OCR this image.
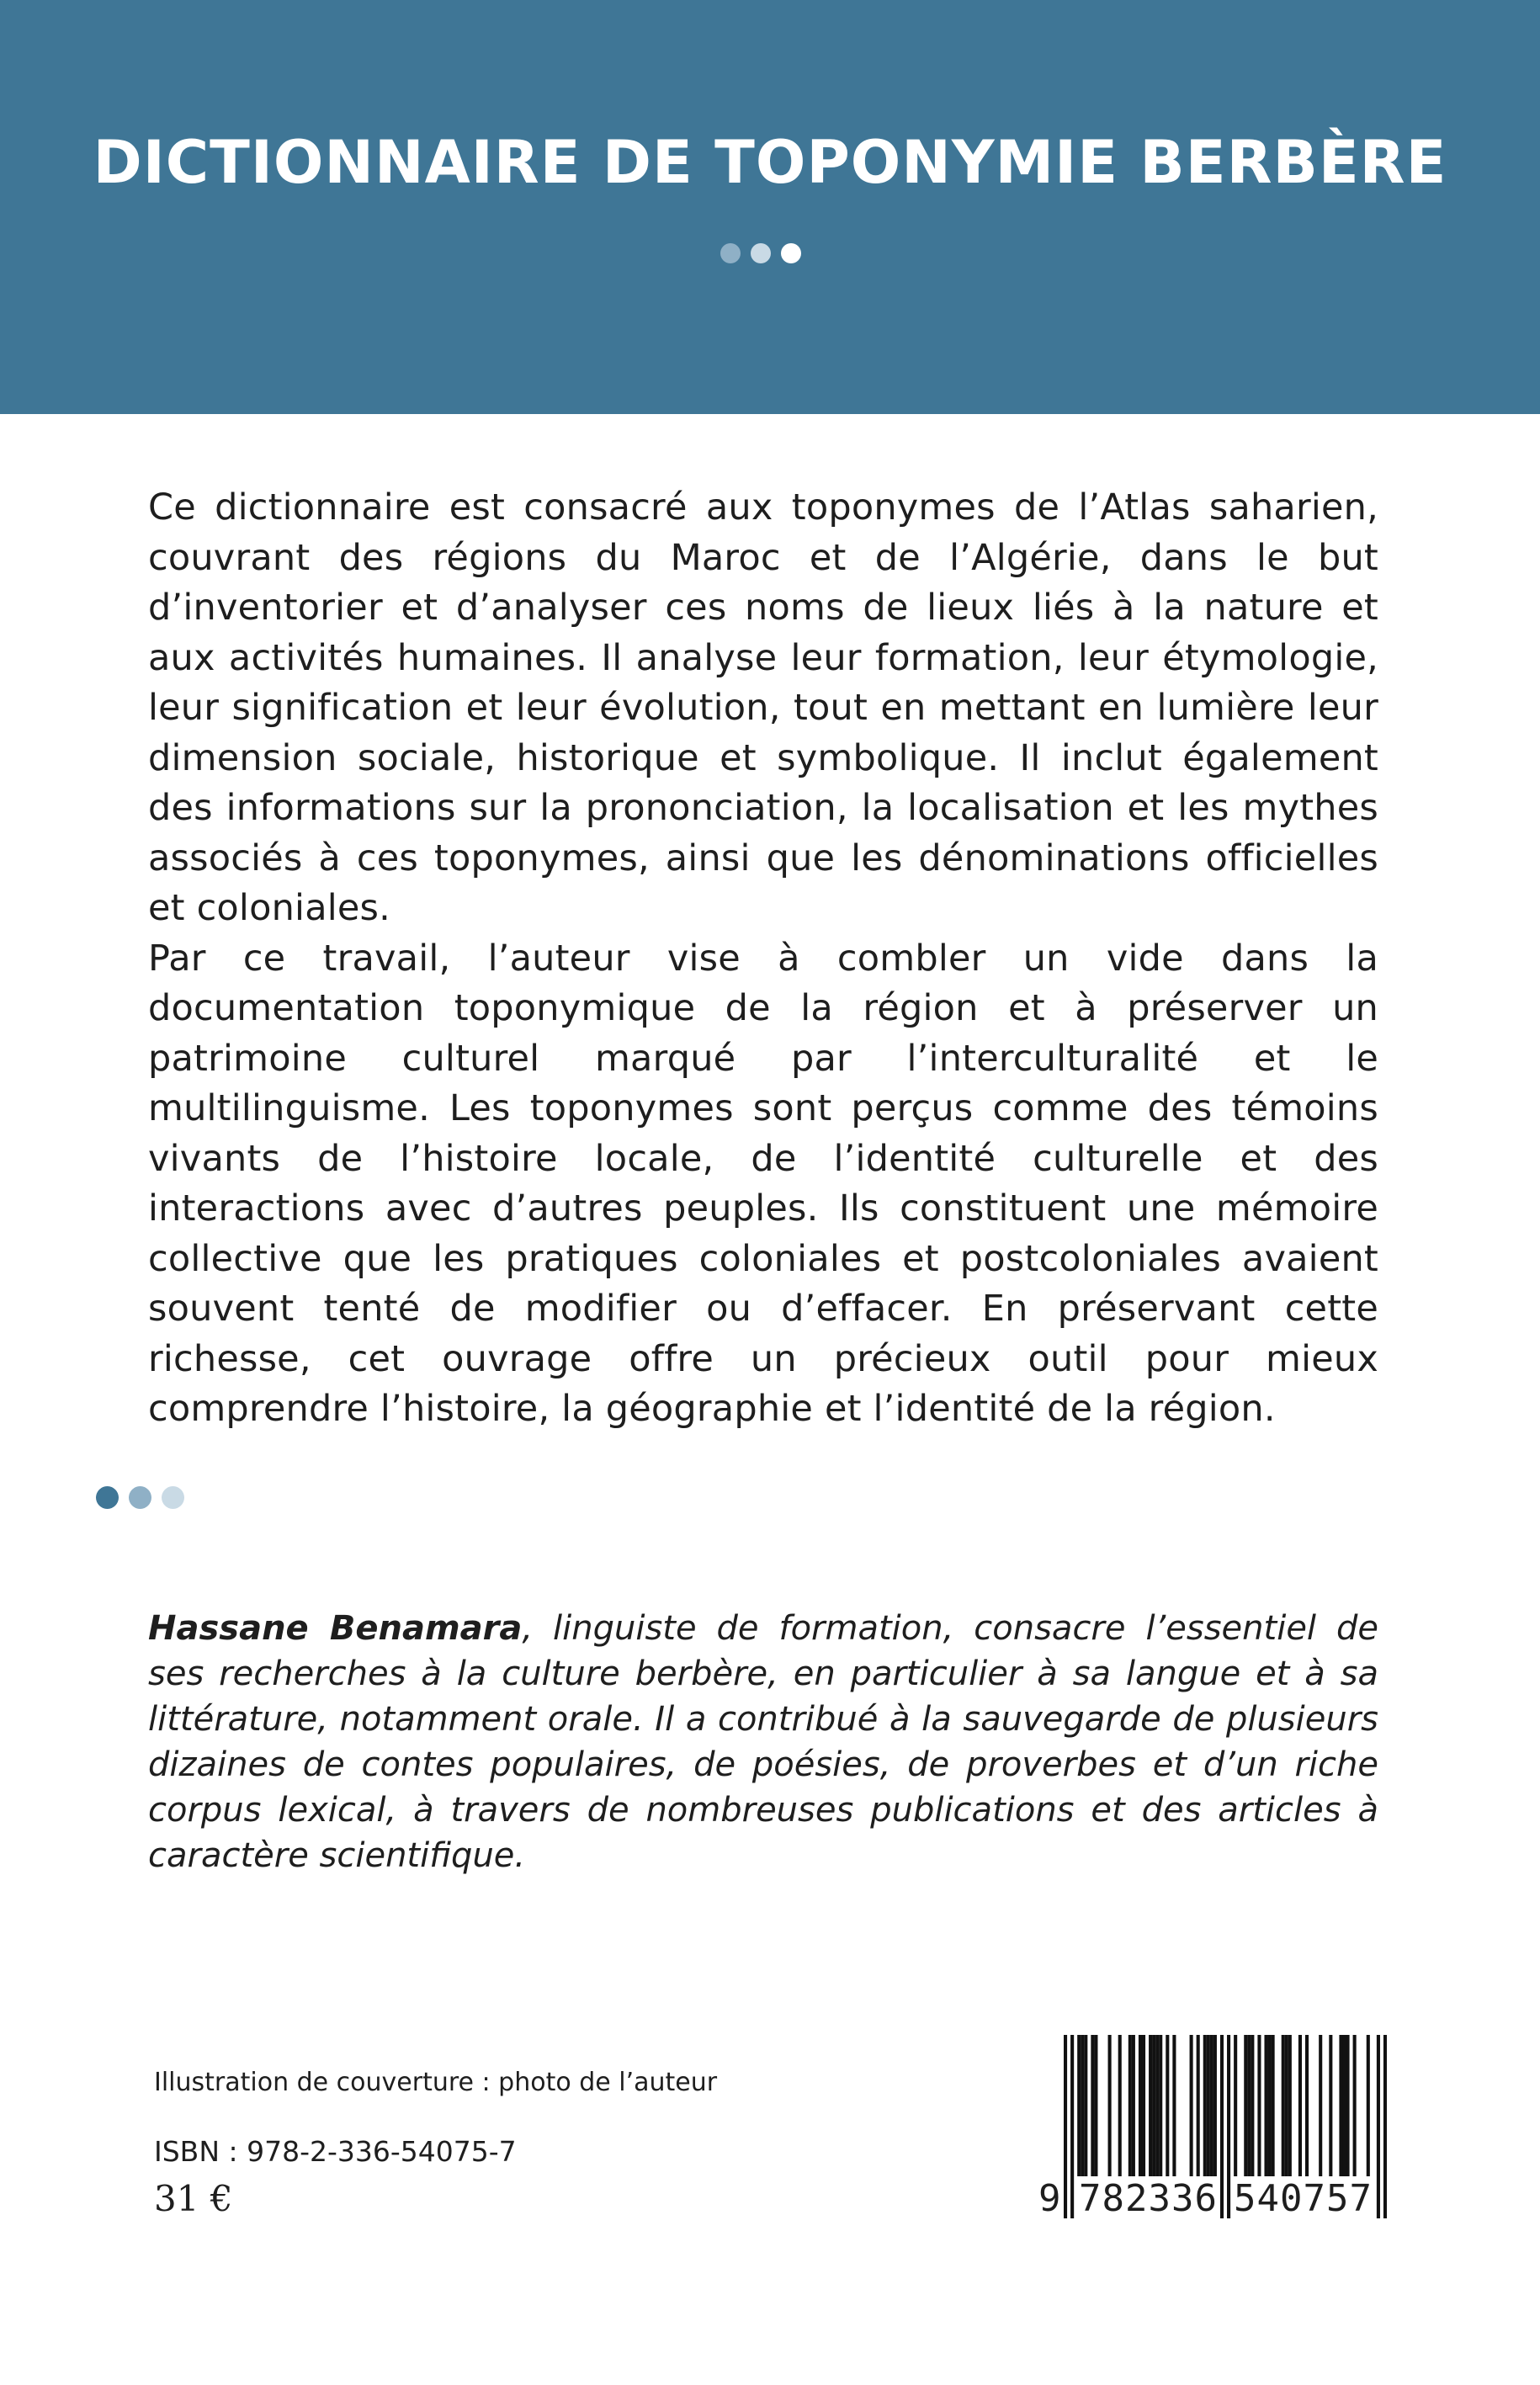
DICTIONNAIRE DE TOPONYMIE BERBÈRE

Ce dictionnaire est consacré aux toponymes de l’Atlas saharien, couvrant des régions du Maroc et de l’Algérie, dans le but d’inventorier et d’analyser ces noms de lieux liés à la nature et aux activités humaines. Il analyse leur formation, leur étymologie, leur signification et leur évolution, tout en mettant en lumière leur dimension sociale, historique et symbolique. Il inclut également des informations sur la prononciation, la localisation et les mythes associés à ces toponymes, ainsi que les dénominations officielles et coloniales.

Par ce travail, l’auteur vise à combler un vide dans la documentation toponymique de la région et à préserver un patrimoine culturel marqué par l’interculturalité et le multilinguisme. Les toponymes sont perçus comme des témoins vivants de l’histoire locale, de l’identité culturelle et des interactions avec d’autres peuples. Ils constituent une mémoire collective que les pratiques coloniales et postcoloniales avaient souvent tenté de modifier ou d’effacer. En préservant cette richesse, cet ouvrage offre un précieux outil pour mieux comprendre l’histoire, la géographie et l’identité de la région.

Hassane Benamara, linguiste de formation, consacre l’essentiel de ses recherches à la culture berbère, en particulier à sa langue et à sa littérature, notamment orale. Il a contribué à la sauvegarde de plusieurs dizaines de contes populaires, de poésies, de proverbes et d’un riche corpus lexical, à travers de nombreuses publications et des articles à caractère scientifique.
Illustration de couverture : photo de l’auteur
ISBN : 978-2-336-54075-7
31 €	9 782336 540757
